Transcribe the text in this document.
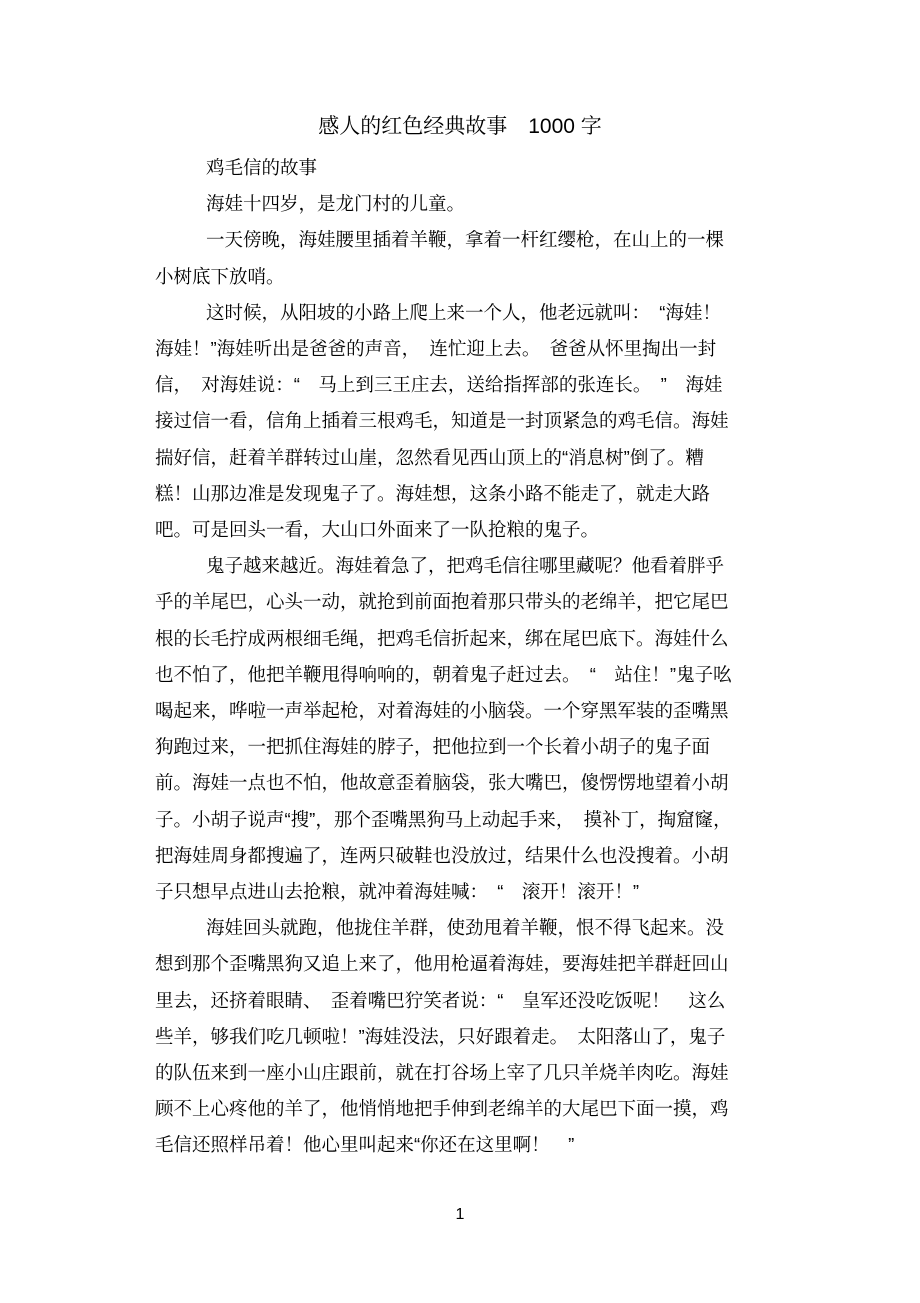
感人的红色经典故事　1000 字

鸡毛信的故事

海娃十四岁，是龙门村的儿童。

一天傍晚，海娃腰里插着羊鞭，拿着一杆红缨枪，在山上的一棵小树底下放哨。

这时候，从阳坡的小路上爬上来一个人，他老远就叫：　“海娃！海娃！”海娃听出是爸爸的声音，　连忙迎上去。　爸爸从怀里掏出一封信，　对海娃说：“　马上到三王庄去，送给指挥部的张连长。　”　海娃接过信一看，信角上插着三根鸡毛，知道是一封顶紧急的鸡毛信。海娃揣好信，赶着羊群转过山崖，忽然看见西山顶上的“消息树”倒了。糟糕！山那边准是发现鬼子了。海娃想，这条小路不能走了，就走大路吧。可是回头一看，大山口外面来了一队抢粮的鬼子。

鬼子越来越近。海娃着急了，把鸡毛信往哪里藏呢？他看着胖乎乎的羊尾巴，心头一动，就抢到前面抱着那只带头的老绵羊，把它尾巴根的长毛拧成两根细毛绳，把鸡毛信折起来，绑在尾巴底下。海娃什么也不怕了，他把羊鞭甩得响响的，朝着鬼子赶过去。　“　站住！”鬼子吆喝起来，哗啦一声举起枪，对着海娃的小脑袋。一个穿黑军装的歪嘴黑狗跑过来，一把抓住海娃的脖子，把他拉到一个长着小胡子的鬼子面前。海娃一点也不怕，他故意歪着脑袋，张大嘴巴，傻愣愣地望着小胡子。小胡子说声“搜”，那个歪嘴黑狗马上动起手来，　摸补丁，掏窟窿，把海娃周身都搜遍了，连两只破鞋也没放过，结果什么也没搜着。小胡子只想早点进山去抢粮，就冲着海娃喊：　“　滚开！滚开！”

海娃回头就跑，他拢住羊群，使劲甩着羊鞭，恨不得飞起来。没想到那个歪嘴黑狗又追上来了，他用枪逼着海娃，要海娃把羊群赶回山里去，还挤着眼睛、　歪着嘴巴狞笑者说：“　皇军还没吃饭呢！　这么些羊，够我们吃几顿啦！”海娃没法，只好跟着走。　太阳落山了，鬼子的队伍来到一座小山庄跟前，就在打谷场上宰了几只羊烧羊肉吃。海娃顾不上心疼他的羊了，他悄悄地把手伸到老绵羊的大尾巴下面一摸，鸡毛信还照样吊着！他心里叫起来“你还在这里啊！　”

1
